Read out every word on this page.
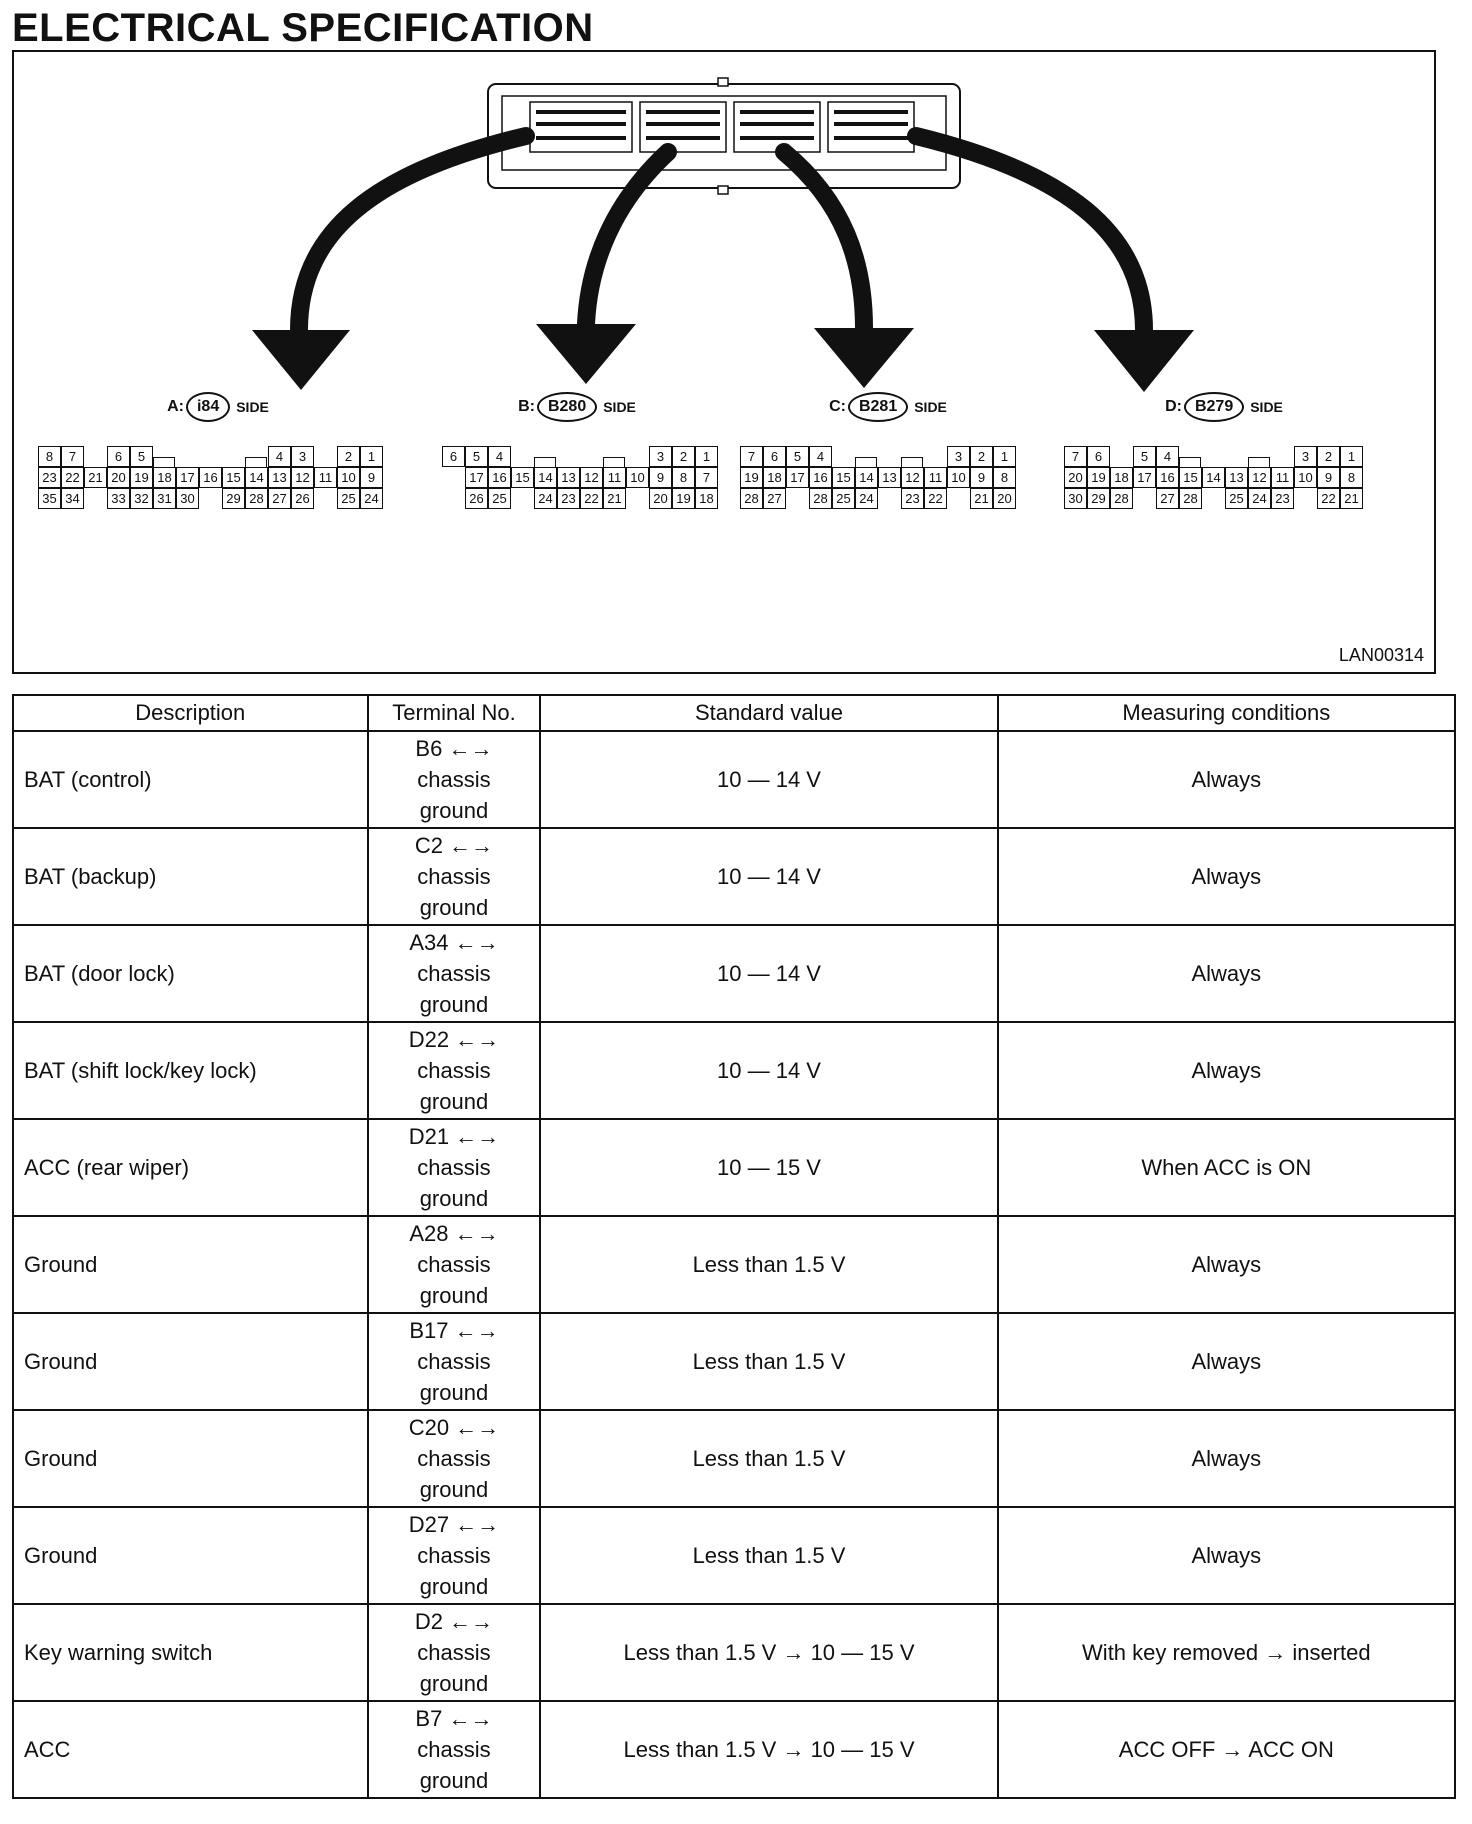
ELECTRICAL SPECIFICATION
A: i84 SIDE
8	7	6	5	4	3	2	1
23 22 21 20 19 18 17 16 15 14 13 12 11 10 9
35 34	33 32 31 30	29 28 27 26	25 24
B: B280 SIDE
6	5	4	3	2	1
17 16 15 14 13 12 11 10 9	8	7
26 25	24 23 22 21	20 19 18
C: B281 SIDE
7	6	5	4	3	2	1
19 18 17 16 15 14 13 12 11 10 9	8
28 27	28 25 24	23 22	21 20
D: B279 SIDE
7	6	5	4	3	2	1
20 19 18 17 16 15 14 13 12 11 10 9	8
30 29 28	27 28	25 24 23	22 21
LAN00314
Description	Terminal No.	Standard value	Measuring conditions
BAT (control)	B6 ←→
chassis
ground	10 — 14 V	Always
BAT (backup)	C2 ←→
chassis
ground	10 — 14 V	Always
BAT (door lock)	A34 ←→
chassis
ground	10 — 14 V	Always
BAT (shift lock/key lock)	D22 ←→
chassis
ground	10 — 14 V	Always
ACC (rear wiper)	D21 ←→
chassis
ground	10 — 15 V	When ACC is ON
Ground	A28 ←→
chassis
ground	Less than 1.5 V	Always
Ground	B17 ←→
chassis
ground	Less than 1.5 V	Always
Ground	C20 ←→
chassis
ground	Less than 1.5 V	Always
Ground	D27 ←→
chassis
ground	Less than 1.5 V	Always
Key warning switch	D2 ←→
chassis
ground	Less than 1.5 V → 10 — 15 V	With key removed → inserted
ACC	B7 ←→
chassis
ground	Less than 1.5 V → 10 — 15 V	ACC OFF → ACC ON
